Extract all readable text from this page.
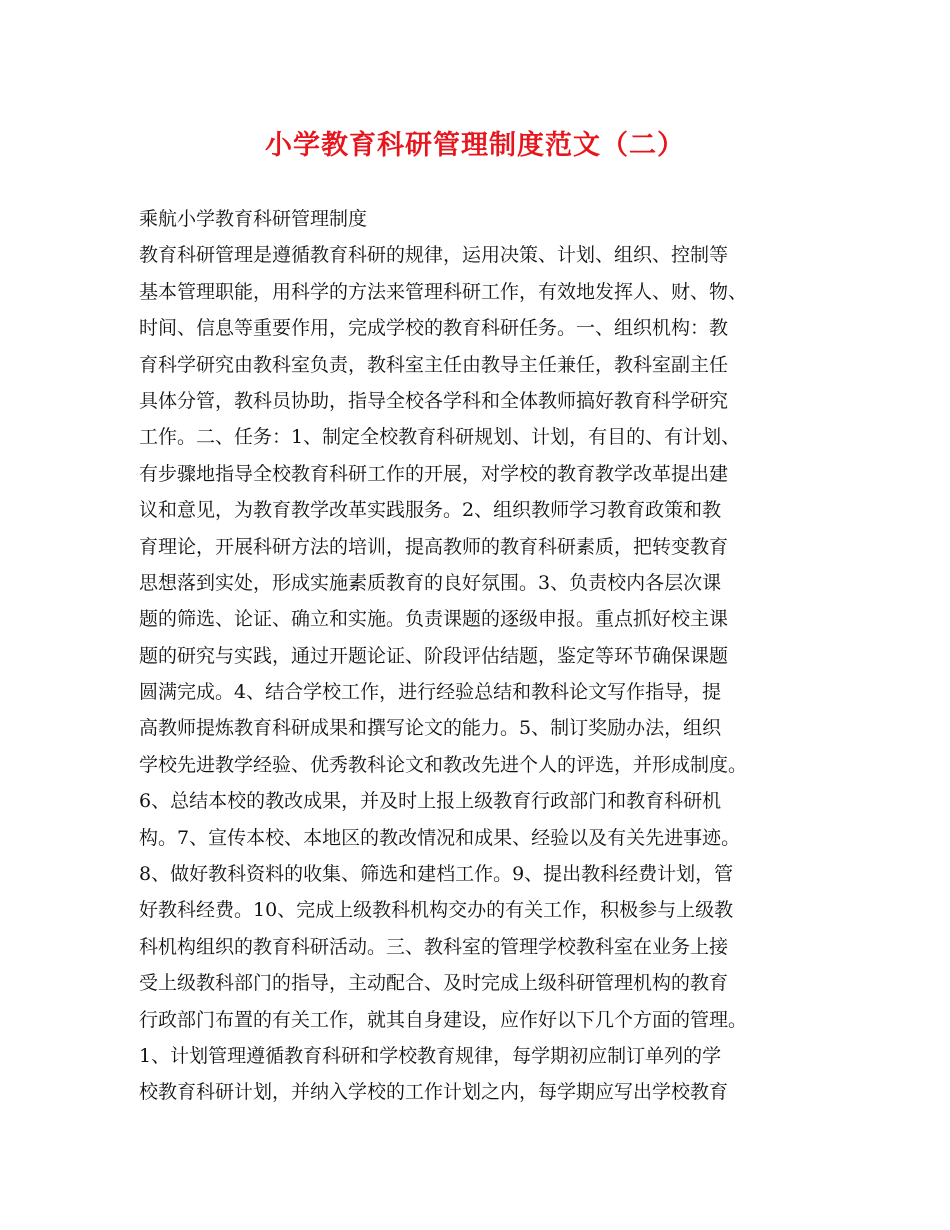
小学教育科研管理制度范文（二）
乘航小学教育科研管理制度
教育科研管理是遵循教育科研的规律，运用决策、计划、组织、控制等
基本管理职能，用科学的方法来管理科研工作，有效地发挥人、财、物、
时间、信息等重要作用，完成学校的教育科研任务。一、组织机构：教
育科学研究由教科室负责，教科室主任由教导主任兼任，教科室副主任
具体分管，教科员协助，指导全校各学科和全体教师搞好教育科学研究
工作。二、任务：1、制定全校教育科研规划、计划，有目的、有计划、
有步骤地指导全校教育科研工作的开展，对学校的教育教学改革提出建
议和意见，为教育教学改革实践服务。2、组织教师学习教育政策和教
育理论，开展科研方法的培训，提高教师的教育科研素质，把转变教育
思想落到实处，形成实施素质教育的良好氛围。3、负责校内各层次课
题的筛选、论证、确立和实施。负责课题的逐级申报。重点抓好校主课
题的研究与实践，通过开题论证、阶段评估结题，鉴定等环节确保课题
圆满完成。4、结合学校工作，进行经验总结和教科论文写作指导，提
高教师提炼教育科研成果和撰写论文的能力。5、制订奖励办法，组织
学校先进教学经验、优秀教科论文和教改先进个人的评选，并形成制度。
6、总结本校的教改成果，并及时上报上级教育行政部门和教育科研机
构。7、宣传本校、本地区的教改情况和成果、经验以及有关先进事迹。
8、做好教科资料的收集、筛选和建档工作。9、提出教科经费计划，管
好教科经费。10、完成上级教科机构交办的有关工作，积极参与上级教
科机构组织的教育科研活动。三、教科室的管理学校教科室在业务上接
受上级教科部门的指导，主动配合、及时完成上级科研管理机构的教育
行政部门布置的有关工作，就其自身建设，应作好以下几个方面的管理。
1、计划管理遵循教育科研和学校教育规律，每学期初应制订单列的学
校教育科研计划，并纳入学校的工作计划之内，每学期应写出学校教育
